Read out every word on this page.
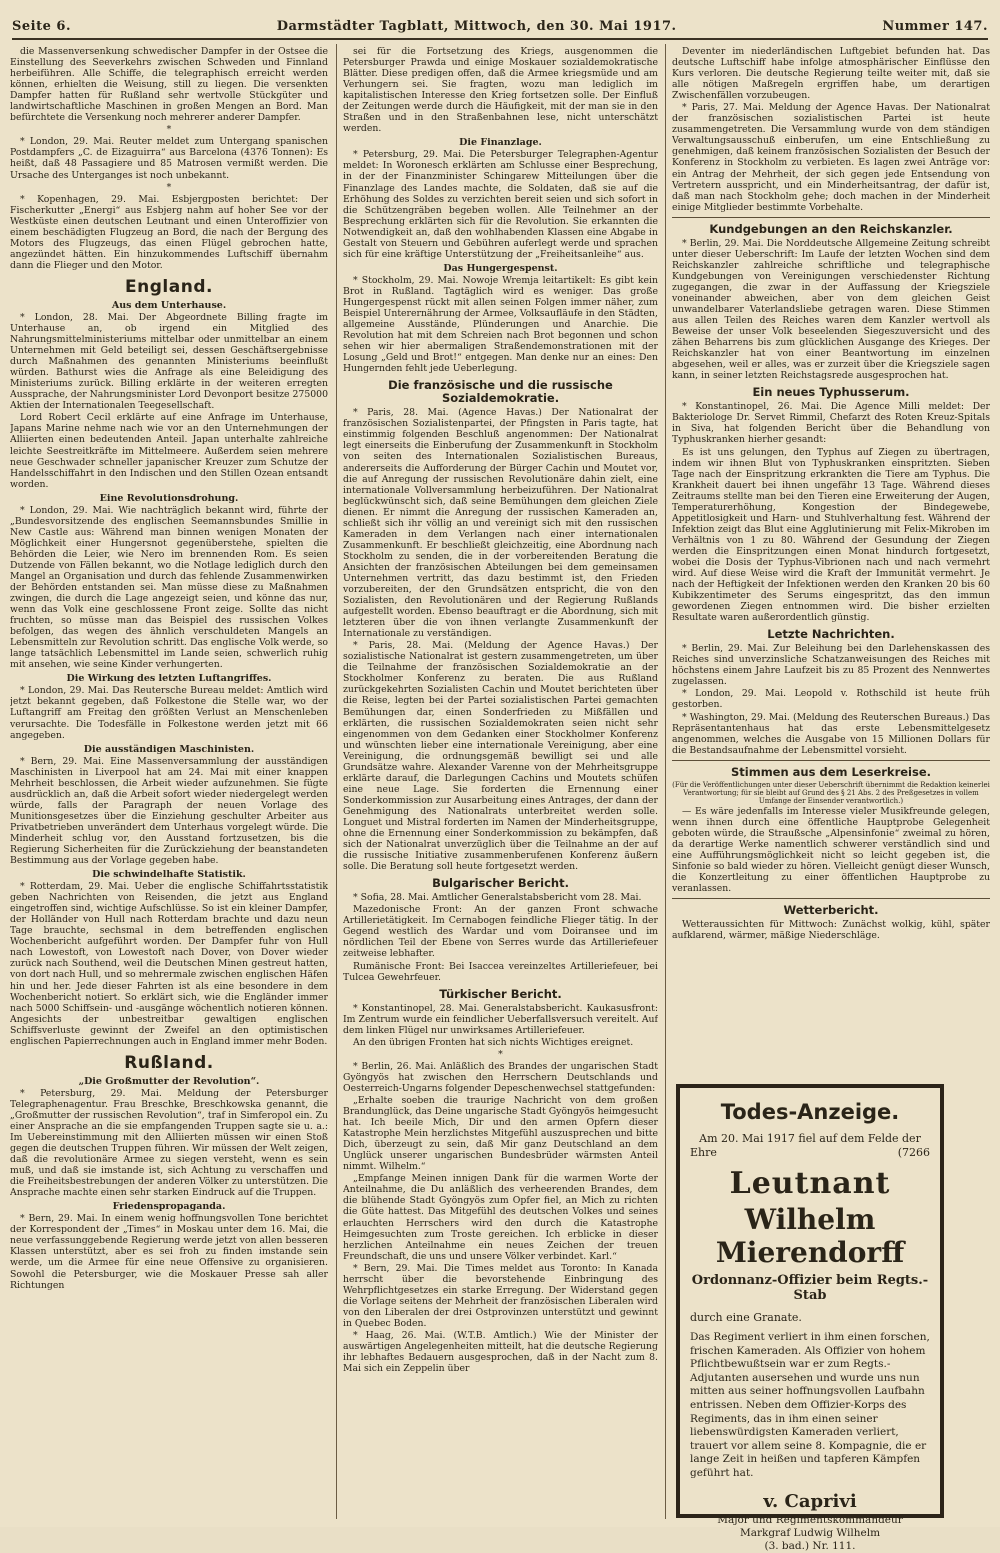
Seite 6.	Darmstädter Tagblatt, Mittwoch, den 30. Mai 1917.	Nummer 147.

die Massenversenkung schwedischer Dampfer in der Ostsee die Einstellung des Seeverkehrs zwischen Schweden und Finnland herbeiführen. Alle Schiffe, die telegraphisch erreicht werden können, erhielten die Weisung, still zu liegen. Die versenkten Dampfer hatten für Rußland sehr wertvolle Stückgüter und landwirtschaftliche Maschinen in großen Mengen an Bord. Man befürchtete die Versenkung noch mehrerer anderer Dampfer.

*

* London, 29. Mai. Reuter meldet zum Untergang spanischen Postdampfers „C. de Eizaguirra“ aus Barcelona (4376 Tonnen): Es heißt, daß 48 Passagiere und 85 Matrosen vermißt werden. Die Ursache des Unterganges ist noch unbekannt.

*

* Kopenhagen, 29. Mai. Esbjergposten berichtet: Der Fischerkutter „Energi“ aus Esbjerg nahm auf hoher See vor der Westküste einen deutschen Leutnant und einen Unteroffizier von einem beschädigten Flugzeug an Bord, die nach der Bergung des Motors des Flugzeugs, das einen Flügel gebrochen hatte, angezündet hätten. Ein hinzukommendes Luftschiff übernahm dann die Flieger und den Motor.

England.
Aus dem Unterhause.

* London, 28. Mai. Der Abgeordnete Billing fragte im Unterhause an, ob irgend ein Mitglied des Nahrungsmittelministeriums mittelbar oder unmittelbar an einem Unternehmen mit Geld beteiligt sei, dessen Geschäftsergebnisse durch Maßnahmen des genannten Ministeriums beeinflußt würden. Bathurst wies die Anfrage als eine Beleidigung des Ministeriums zurück. Billing erklärte in der weiteren erregten Aussprache, der Nahrungsminister Lord Devonport besitze 275000 Aktien der Internationalen Teegesellschaft.

Lord Robert Cecil erklärte auf eine Anfrage im Unterhause, Japans Marine nehme nach wie vor an den Unternehmungen der Alliierten einen bedeutenden Anteil. Japan unterhalte zahlreiche leichte Seestreitkräfte im Mittelmeere. Außerdem seien mehrere neue Geschwader schneller japanischer Kreuzer zum Schutze der Handelsschiffahrt in den Indischen und den Stillen Ozean entsandt worden.

Eine Revolutionsdrohung.

* London, 29. Mai. Wie nachträglich bekannt wird, führte der „Bundesvorsitzende des englischen Seemannsbundes Smillie in New Castle aus: Während man binnen wenigen Monaten der Möglichkeit einer Hungersnot gegenüberstehe, spielten die Behörden die Leier, wie Nero im brennenden Rom. Es seien Dutzende von Fällen bekannt, wo die Notlage lediglich durch den Mangel an Organisation und durch das fehlende Zusammenwirken der Behörden entstanden sei. Man müsse diese zu Maßnahmen zwingen, die durch die Lage angezeigt seien, und könne das nur, wenn das Volk eine geschlossene Front zeige. Sollte das nicht fruchten, so müsse man das Beispiel des russischen Volkes befolgen, das wegen des ähnlich verschuldeten Mangels an Lebensmitteln zur Revolution schritt. Das englische Volk werde, so lange tatsächlich Lebensmittel im Lande seien, schwerlich ruhig mit ansehen, wie seine Kinder verhungerten.

Die Wirkung des letzten Luftangriffes.

* London, 29. Mai. Das Reutersche Bureau meldet: Amtlich wird jetzt bekannt gegeben, daß Folkestone die Stelle war, wo der Luftangriff am Freitag den größten Verlust an Menschenleben verursachte. Die Todesfälle in Folkestone werden jetzt mit 66 angegeben.

Die ausständigen Maschinisten.

* Bern, 29. Mai. Eine Massenversammlung der ausständigen Maschinisten in Liverpool hat am 24. Mai mit einer knappen Mehrheit beschlossen, die Arbeit wieder aufzunehmen. Sie fügte ausdrücklich an, daß die Arbeit sofort wieder niedergelegt werden würde, falls der Paragraph der neuen Vorlage des Munitionsgesetzes über die Einziehung geschulter Arbeiter aus Privatbetrieben unverändert dem Unterhaus vorgelegt würde. Die Minderheit schlug vor, den Ausstand fortzusetzen, bis die Regierung Sicherheiten für die Zurückziehung der beanstandeten Bestimmung aus der Vorlage gegeben habe.

Die schwindelhafte Statistik.

* Rotterdam, 29. Mai. Ueber die englische Schiffahrtsstatistik geben Nachrichten von Reisenden, die jetzt aus England eingetroffen sind, wichtige Aufschlüsse. So ist ein kleiner Dampfer, der Holländer von Hull nach Rotterdam brachte und dazu neun Tage brauchte, sechsmal in dem betreffenden englischen Wochenbericht aufgeführt worden. Der Dampfer fuhr von Hull nach Lowestoft, von Lowestoft nach Dover, von Dover wieder zurück nach Southend, weil die Deutschen Minen gestreut hatten, von dort nach Hull, und so mehrermale zwischen englischen Häfen hin und her. Jede dieser Fahrten ist als eine besondere in dem Wochenbericht notiert. So erklärt sich, wie die Engländer immer nach 5000 Schiffsein- und -ausgänge wöchentlich notieren können. Angesichts der unbestreitbar gewaltigen englischen Schiffsverluste gewinnt der Zweifel an den optimistischen englischen Papierrechnungen auch in England immer mehr Boden.

Rußland.
„Die Großmutter der Revolution“.

* Petersburg, 29. Mai. Meldung der Petersburger Telegraphenagentur. Frau Breschke, Breschkowska genannt, die „Großmutter der russischen Revolution“, traf in Simferopol ein. Zu einer Ansprache an die sie empfangenden Truppen sagte sie u. a.: Im Uebereinstimmung mit den Alliierten müssen wir einen Stoß gegen die deutschen Truppen führen. Wir müssen der Welt zeigen, daß die revolutionäre Armee zu siegen versteht, wenn es sein muß, und daß sie imstande ist, sich Achtung zu verschaffen und die Freiheitsbestrebungen der anderen Völker zu unterstützen. Die Ansprache machte einen sehr starken Eindruck auf die Truppen.

Friedenspropaganda.

* Bern, 29. Mai. In einem wenig hoffnungsvollen Tone berichtet der Korrespondent der „Times“ in Moskau unter dem 16. Mai, die neue verfassunggebende Regierung werde jetzt von allen besseren Klassen unterstützt, aber es sei froh zu finden imstande sein werde, um die Armee für eine neue Offensive zu organisieren. Sowohl die Petersburger, wie die Moskauer Presse sah aller Richtungen

sei für die Fortsetzung des Kriegs, ausgenommen die Petersburger Prawda und einige Moskauer sozialdemokratische Blätter. Diese predigen offen, daß die Armee kriegsmüde und am Verhungern sei. Sie fragten, wozu man lediglich im kapitalistischen Interesse den Krieg fortsetzen solle. Der Einfluß der Zeitungen werde durch die Häufigkeit, mit der man sie in den Straßen und in den Straßenbahnen lese, nicht unterschätzt werden.

Die Finanzlage.

* Petersburg, 29. Mai. Die Petersburger Telegraphen-Agentur meldet: In Woronesch erklärten am Schlusse einer Besprechung, in der der Finanzminister Schingarew Mitteilungen über die Finanzlage des Landes machte, die Soldaten, daß sie auf die Erhöhung des Soldes zu verzichten bereit seien und sich sofort in die Schützengräben begeben wollen. Alle Teilnehmer an der Besprechung erklärten sich für die Revolution. Sie erkannten die Notwendigkeit an, daß den wohlhabenden Klassen eine Abgabe in Gestalt von Steuern und Gebühren auferlegt werde und sprachen sich für eine kräftige Unterstützung der „Freiheitsanleihe“ aus.

Das Hungergespenst.

* Stockholm, 29. Mai. Nowoje Wremja leitartikelt: Es gibt kein Brot in Rußland. Tagtäglich wird es weniger. Das große Hungergespenst rückt mit allen seinen Folgen immer näher, zum Beispiel Unterernährung der Armee, Volksaufläufe in den Städten, allgemeine Ausstände, Plünderungen und Anarchie. Die Revolution hat mit dem Schreien nach Brot begonnen und schon sehen wir hier abermaligen Straßendemonstrationen mit der Losung „Geld und Brot!“ entgegen. Man denke nur an eines: Den Hungernden fehlt jede Ueberlegung.

Die französische und die russische Sozialdemokratie.

* Paris, 28. Mai. (Agence Havas.) Der Nationalrat der französischen Sozialistenpartei, der Pfingsten in Paris tagte, hat einstimmig folgenden Beschluß angenommen: Der Nationalrat legt einerseits die Einberufung der Zusammenkunft in Stockholm von seiten des Internationalen Sozialistischen Bureaus, andererseits die Aufforderung der Bürger Cachin und Moutet vor, die auf Anregung der russischen Revolutionäre dahin zielt, eine internationale Vollversammlung herbeizuführen. Der Nationalrat beglückwünscht sich, daß seine Bemühungen dem gleichen Ziele dienen. Er nimmt die Anregung der russischen Kameraden an, schließt sich ihr völlig an und vereinigt sich mit den russischen Kameraden in dem Verlangen nach einer internationalen Zusammenkunft. Er beschließt gleichzeitig, eine Abordnung nach Stockholm zu senden, die in der vorbereitenden Beratung die Ansichten der französischen Abteilungen bei dem gemeinsamen Unternehmen vertritt, das dazu bestimmt ist, den Frieden vorzubereiten, der den Grundsätzen entspricht, die von den Sozialisten, den Revolutionären und der Regierung Rußlands aufgestellt worden. Ebenso beauftragt er die Abordnung, sich mit letzteren über die von ihnen verlangte Zusammenkunft der Internationale zu verständigen.

* Paris, 28. Mai. (Meldung der Agence Havas.) Der sozialistische Nationalrat ist gestern zusammengetreten, um über die Teilnahme der französischen Sozialdemokratie an der Stockholmer Konferenz zu beraten. Die aus Rußland zurückgekehrten Sozialisten Cachin und Moutet berichteten über die Reise, legten bei der Partei sozialistischen Partei gemachten Bemühungen dar, einen Sonderfrieden zu Mißfällen und erklärten, die russischen Sozialdemokraten seien nicht sehr eingenommen von dem Gedanken einer Stockholmer Konferenz und wünschten lieber eine internationale Vereinigung, aber eine Vereinigung, die ordnungsgemäß bewilligt sei und alle Grundsätze wahre. Alexander Varenne von der Mehrheitsgruppe erklärte darauf, die Darlegungen Cachins und Moutets schüfen eine neue Lage. Sie forderten die Ernennung einer Sonderkommission zur Ausarbeitung eines Antrages, der dann der Genehmigung des Nationalrats unterbreitet werden solle. Longuet und Mistral forderten im Namen der Minderheitsgruppe, ohne die Ernennung einer Sonderkommission zu bekämpfen, daß sich der Nationalrat unverzüglich über die Teilnahme an der auf die russische Initiative zusammenberufenen Konferenz äußern solle. Die Beratung soll heute fortgesetzt werden.

Bulgarischer Bericht.

* Sofia, 28. Mai. Amtlicher Generalstabsbericht vom 28. Mai.

Mazedonische Front: An der ganzen Front schwache Artillerietätigkeit. Im Cernabogen feindliche Flieger tätig. In der Gegend westlich des Wardar und vom Doiransee und im nördlichen Teil der Ebene von Serres wurde das Artilleriefeuer zeitweise lebhafter.

Rumänische Front: Bei Isaccea vereinzeltes Artilleriefeuer, bei Tulcea Gewehrfeuer.

Türkischer Bericht.

* Konstantinopel, 28. Mai. Generalstabsbericht. Kaukasusfront: Im Zentrum wurde ein feindlicher Ueberfallsversuch vereitelt. Auf dem linken Flügel nur unwirksames Artilleriefeuer.

An den übrigen Fronten hat sich nichts Wichtiges ereignet.

*

* Berlin, 26. Mai. Anläßlich des Brandes der ungarischen Stadt Gyöngyös hat zwischen den Herrschern Deutschlands und Oesterreich-Ungarns folgender Depeschenwechsel stattgefunden:

„Erhalte soeben die traurige Nachricht von dem großen Brandunglück, das Deine ungarische Stadt Gyöngyös heimgesucht hat. Ich beeile Mich, Dir und den armen Opfern dieser Katastrophe Mein herzlichstes Mitgefühl auszusprechen und bitte Dich, überzeugt zu sein, daß Mir ganz Deutschland an dem Unglück unserer ungarischen Bundesbrüder wärmsten Anteil nimmt. Wilhelm.“

„Empfange Meinen innigen Dank für die warmen Worte der Anteilnahme, die Du anläßlich des verheerenden Brandes, dem die blühende Stadt Gyöngyös zum Opfer fiel, an Mich zu richten die Güte hattest. Das Mitgefühl des deutschen Volkes und seines erlauchten Herrschers wird den durch die Katastrophe Heimgesuchten zum Troste gereichen. Ich erblicke in dieser herzlichen Anteilnahme ein neues Zeichen der treuen Freundschaft, die uns und unsere Völker verbindet. Karl.“

* Bern, 29. Mai. Die Times meldet aus Toronto: In Kanada herrscht über die bevorstehende Einbringung des Wehrpflichtgesetzes ein starke Erregung. Der Widerstand gegen die Vorlage seitens der Mehrheit der französischen Liberalen wird von den Liberalen der drei Ostprovinzen unterstützt und gewinnt in Quebec Boden.

* Haag, 26. Mai. (W.T.B. Amtlich.) Wie der Minister der auswärtigen Angelegenheiten mitteilt, hat die deutsche Regierung ihr lebhaftes Bedauern ausgesprochen, daß in der Nacht zum 8. Mai sich ein Zeppelin über

Deventer im niederländischen Luftgebiet befunden hat. Das deutsche Luftschiff habe infolge atmosphärischer Einflüsse den Kurs verloren. Die deutsche Regierung teilte weiter mit, daß sie alle nötigen Maßregeln ergriffen habe, um derartigen Zwischenfällen vorzubeugen.

* Paris, 27. Mai. Meldung der Agence Havas. Der Nationalrat der französischen sozialistischen Partei ist heute zusammengetreten. Die Versammlung wurde von dem ständigen Verwaltungsausschuß einberufen, um eine Entschließung zu genehmigen, daß keinem französischen Sozialisten der Besuch der Konferenz in Stockholm zu verbieten. Es lagen zwei Anträge vor: ein Antrag der Mehrheit, der sich gegen jede Entsendung von Vertretern ausspricht, und ein Minderheitsantrag, der dafür ist, daß man nach Stockholm gehe; doch machen in der Minderheit einige Mitglieder bestimmte Vorbehalte.

Kundgebungen an den Reichskanzler.

* Berlin, 29. Mai. Die Norddeutsche Allgemeine Zeitung schreibt unter dieser Ueberschrift: Im Laufe der letzten Wochen sind dem Reichskanzler zahlreiche schriftliche und telegraphische Kundgebungen von Vereinigungen verschiedenster Richtung zugegangen, die zwar in der Auffassung der Kriegsziele voneinander abweichen, aber von dem gleichen Geist unwandelbarer Vaterlandsliebe getragen waren. Diese Stimmen aus allen Teilen des Reiches waren dem Kanzler wertvoll als Beweise der unser Volk beseelenden Siegeszuversicht und des zähen Beharrens bis zum glücklichen Ausgange des Krieges. Der Reichskanzler hat von einer Beantwortung im einzelnen abgesehen, weil er alles, was er zurzeit über die Kriegsziele sagen kann, in seiner letzten Reichstagsrede ausgesprochen hat.

Ein neues Typhusserum.

* Konstantinopel, 26. Mai. Die Agence Milli meldet: Der Bakteriologe Dr. Servet Rimmil, Chefarzt des Roten Kreuz-Spitals in Siva, hat folgenden Bericht über die Behandlung von Typhuskranken hierher gesandt:

Es ist uns gelungen, den Typhus auf Ziegen zu übertragen, indem wir ihnen Blut von Typhuskranken einspritzten. Sieben Tage nach der Einspritzung erkrankten die Tiere am Typhus. Die Krankheit dauert bei ihnen ungefähr 13 Tage. Während dieses Zeitraums stellte man bei den Tieren eine Erweiterung der Augen, Temperaturerhöhung, Kongestion der Bindegewebe, Appetitlosigkeit und Harn- und Stuhlverhaltung fest. Während der Infektion zeigt das Blut eine Agglutinierung mit Felix-Mikroben im Verhältnis von 1 zu 80. Während der Gesundung der Ziegen werden die Einspritzungen einen Monat hindurch fortgesetzt, wobei die Dosis der Typhus-Vibrionen nach und nach vermehrt wird. Auf diese Weise wird die Kraft der Immunität vermehrt. Je nach der Heftigkeit der Infektionen werden den Kranken 20 bis 60 Kubikzentimeter des Serums eingespritzt, das den immun gewordenen Ziegen entnommen wird. Die bisher erzielten Resultate waren außerordentlich günstig.

Letzte Nachrichten.

* Berlin, 29. Mai. Zur Beleihung bei den Darlehenskassen des Reiches sind unverzinsliche Schatzanweisungen des Reiches mit höchstens einem Jahre Laufzeit bis zu 85 Prozent des Nennwertes zugelassen.

* London, 29. Mai. Leopold v. Rothschild ist heute früh gestorben.

* Washington, 29. Mai. (Meldung des Reuterschen Bureaus.) Das Repräsentantenhaus hat das erste Lebensmittelgesetz angenommen, welches die Ausgabe von 15 Millionen Dollars für die Bestandsaufnahme der Lebensmittel vorsieht.

Stimmen aus dem Leserkreise.

(Für die Veröffentlichungen unter dieser Ueberschrift übernimmt die Redaktion keinerlei Verantwortung; für sie bleibt auf Grund des § 21 Abs. 2 des Preßgesetzes in vollem Umfange der Einsender verantwortlich.)

— Es wäre jedenfalls im Interesse vieler Musikfreunde gelegen, wenn ihnen durch eine öffentliche Hauptprobe Gelegenheit geboten würde, die Straußsche „Alpensinfonie“ zweimal zu hören, da derartige Werke namentlich schwerer verständlich sind und eine Aufführungsmöglichkeit nicht so leicht gegeben ist, die Sinfonie so bald wieder zu hören. Vielleicht genügt dieser Wunsch, die Konzertleitung zu einer öffentlichen Hauptprobe zu veranlassen.

Wetterbericht.

Wetteraussichten für Mittwoch: Zunächst wolkig, kühl, später aufklarend, wärmer, mäßige Niederschläge.

Todes-Anzeige.
Am 20. Mai 1917 fiel auf dem Felde der
Ehre	(7266
Leutnant
Wilhelm Mierendorff
Ordonnanz-Offizier beim Regts.-Stab
durch eine Granate.
Das Regiment verliert in ihm einen forschen, frischen Kameraden. Als Offizier von hohem Pflichtbewußtsein war er zum Regts.-Adjutanten ausersehen und wurde uns nun mitten aus seiner hoffnungsvollen Laufbahn entrissen. Neben dem Offizier-Korps des Regiments, das in ihm einen seiner liebenswürdigsten Kameraden verliert, trauert vor allem seine 8. Kompagnie, die er lange Zeit in heißen und tapferen Kämpfen geführt hat.
v. Caprivi
Major und Regimentskommandeur
Markgraf Ludwig Wilhelm
(3. bad.) Nr. 111.
